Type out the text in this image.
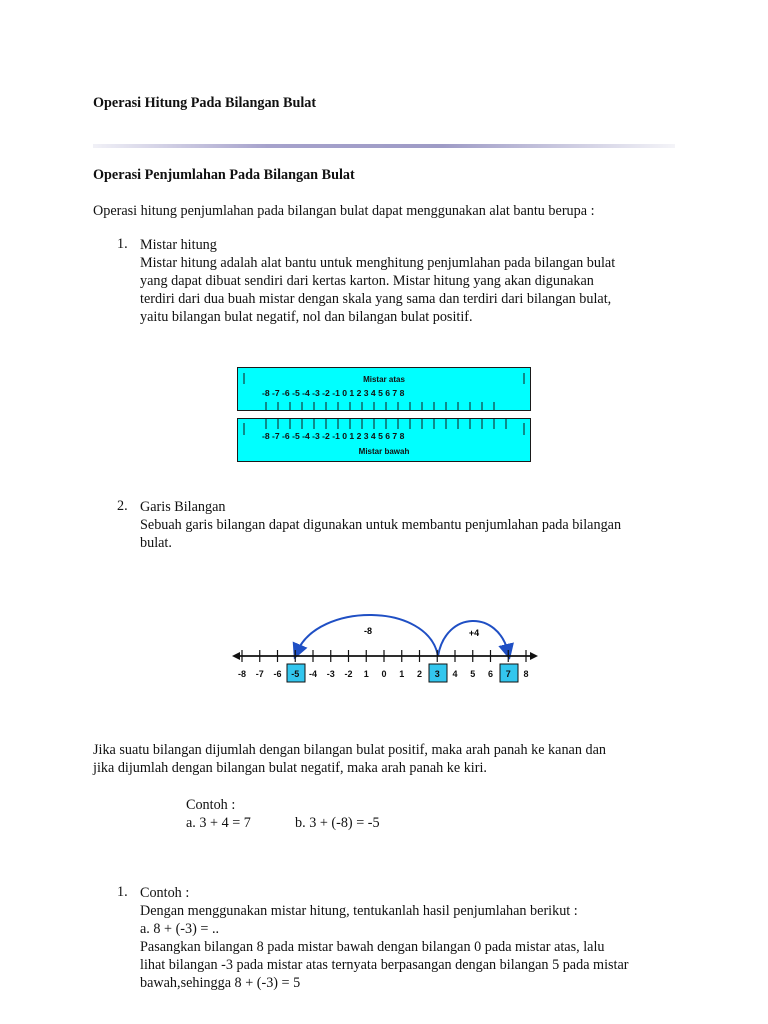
Operasi Hitung Pada Bilangan Bulat
Operasi Penjumlahan Pada Bilangan Bulat
Operasi hitung penjumlahan pada bilangan bulat dapat menggunakan alat bantu berupa :
1. Mistar hitung
Mistar hitung adalah alat bantu untuk menghitung penjumlahan pada bilangan bulat
yang dapat dibuat sendiri dari kertas karton. Mistar hitung yang akan digunakan
terdiri dari dua buah mistar dengan skala yang sama dan terdiri dari bilangan bulat,
yaitu bilangan bulat negatif, nol dan bilangan bulat positif.
Mistar atas
-8 -7 -6 -5 -4 -3 -2 -1 0 1 2 3 4 5 6 7 8
-8 -7 -6 -5 -4 -3 -2 -1 0 1 2 3 4 5 6 7 8
Mistar bawah
2. Garis Bilangan
Sebuah garis bilangan dapat digunakan untuk membantu penjumlahan pada bilangan
bulat.
-8	+4
-8 -7 -6 -5 -4 -3 -2 1 0 1 2 3 4 5 6 7 8
Jika suatu bilangan dijumlah dengan bilangan bulat positif, maka arah panah ke kanan dan
jika dijumlah dengan bilangan bulat negatif, maka arah panah ke kiri.
Contoh :
a. 3 + 4 = 7	b. 3 + (-8) = -5
1. Contoh :
Dengan menggunakan mistar hitung, tentukanlah hasil penjumlahan berikut :
a. 8 + (-3) = ..
Pasangkan bilangan 8 pada mistar bawah dengan bilangan 0 pada mistar atas, lalu
lihat bilangan -3 pada mistar atas ternyata berpasangan dengan bilangan 5 pada mistar
bawah,sehingga 8 + (-3) = 5
